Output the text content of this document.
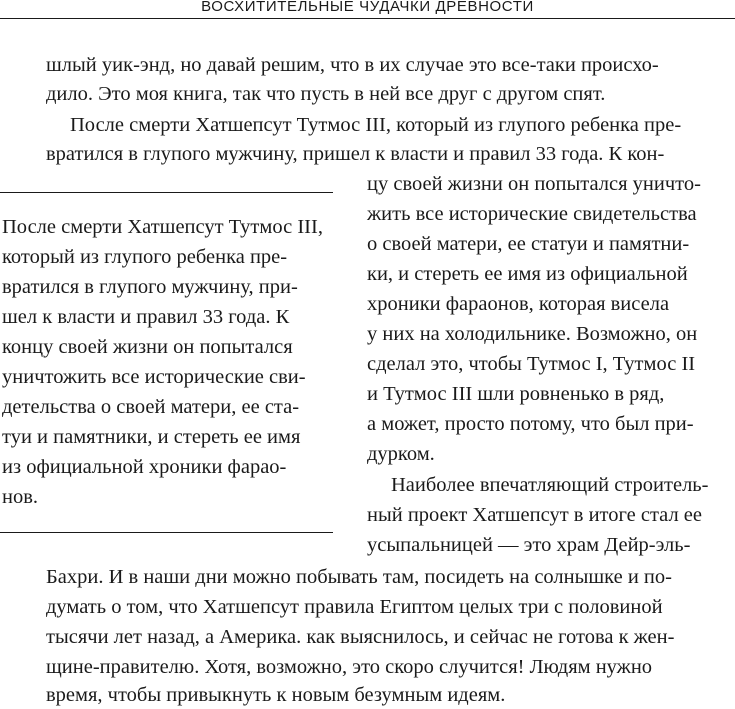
ВОСХИТИТЕЛЬНЫЕ ЧУДАЧКИ ДРЕВНОСТИ
шлый уик-энд, но давай решим, что в их случае это все-таки происхо-
дило. Это моя книга, так что пусть в ней все друг с другом спят.
После смерти Хатшепсут Тутмос III, который из глупого ребенка пре-
вратился в глупого мужчину, пришел к власти и правил 33 года. К кон-
цу своей жизни он попытался уничто-
жить все исторические свидетельства
о своей матери, ее статуи и памятни-
ки, и стереть ее имя из официальной
хроники фараонов, которая висела
у них на холодильнике. Возможно, он
сделал это, чтобы Тутмос I, Тутмос II
и Тутмос III шли ровненько в ряд,
а может, просто потому, что был при-
дурком.
Наиболее впечатляющий строитель-
ный проект Хатшепсут в итоге стал ее
усыпальницей — это храм Дейр-эль-
Бахри. И в наши дни можно побывать там, посидеть на солнышке и по-
думать о том, что Хатшепсут правила Египтом целых три с половиной
тысячи лет назад, а Америка. как выяснилось, и сейчас не готова к жен-
щине-правителю. Хотя, возможно, это скоро случится! Людям нужно
время, чтобы привыкнуть к новым безумным идеям.
После смерти Хатшепсут Тутмос III,
который из глупого ребенка пре-
вратился в глупого мужчину, при-
шел к власти и правил 33 года. К
концу своей жизни он попытался
уничтожить все исторические сви-
детельства о своей матери, ее ста-
туи и памятники, и стереть ее имя
из официальной хроники фарао-
нов.
